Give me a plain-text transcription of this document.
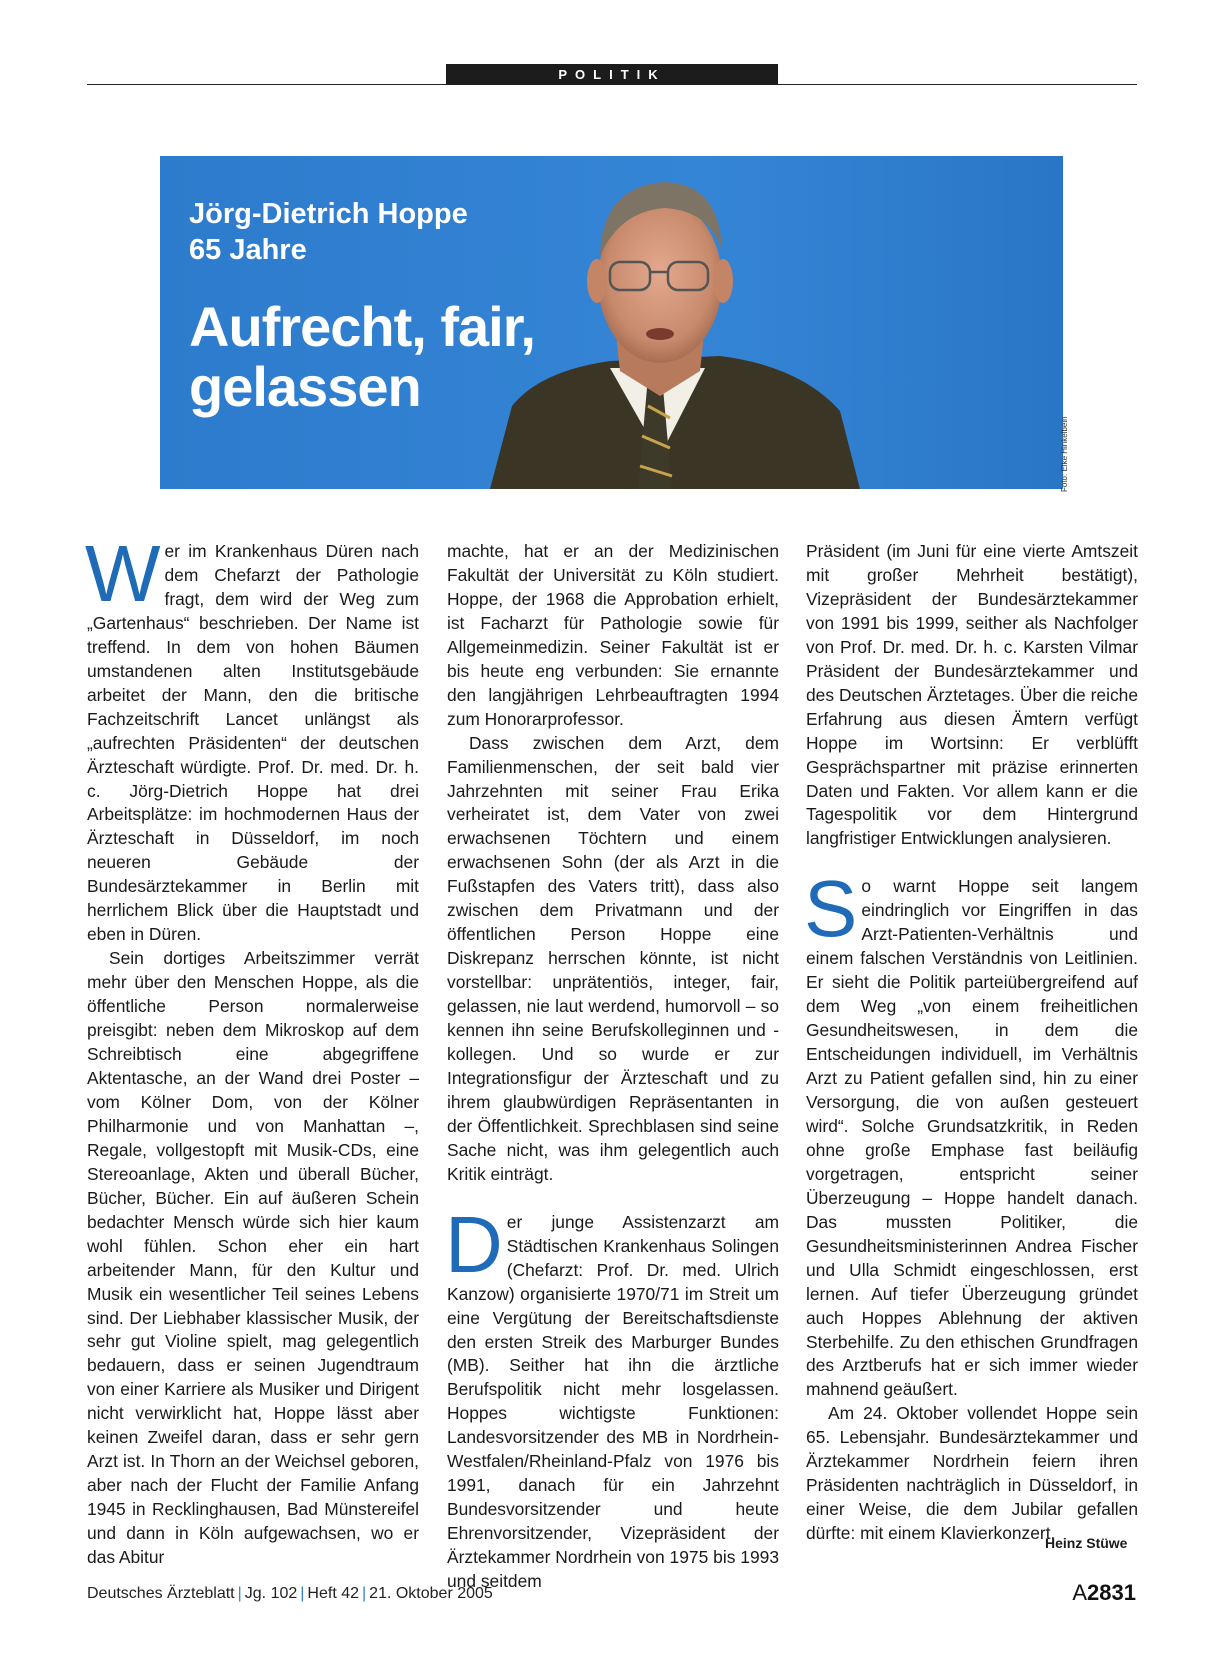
POLITIK
Jörg-Dietrich Hoppe
65 Jahre
Aufrecht, fair,
gelassen
Foto: Elke Hinkelbein

Wer im Krankenhaus Düren nach dem Chefarzt der Pathologie fragt, dem wird der Weg zum „Gartenhaus“ beschrieben. Der Name ist treffend. In dem von hohen Bäumen umstandenen alten Institutsgebäude arbeitet der Mann, den die britische Fachzeitschrift Lancet unlängst als „aufrechten Präsidenten“ der deutschen Ärzteschaft würdigte. Prof. Dr. med. Dr. h. c. Jörg-Dietrich Hoppe hat drei Arbeitsplätze: im hochmodernen Haus der Ärzteschaft in Düsseldorf, im noch neueren Gebäude der Bundesärztekammer in Berlin mit herrlichem Blick über die Hauptstadt und eben in Düren.

Sein dortiges Arbeitszimmer verrät mehr über den Menschen Hoppe, als die öffentliche Person normalerweise preisgibt: neben dem Mikroskop auf dem Schreibtisch eine abgegriffene Aktentasche, an der Wand drei Poster – vom Kölner Dom, von der Kölner Philharmonie und von Manhattan –, Regale, vollgestopft mit Musik-CDs, eine Stereoanlage, Akten und überall Bücher, Bücher, Bücher. Ein auf äußeren Schein bedachter Mensch würde sich hier kaum wohl fühlen. Schon eher ein hart arbeitender Mann, für den Kultur und Musik ein wesentlicher Teil seines Lebens sind. Der Liebhaber klassischer Musik, der sehr gut Violine spielt, mag gelegentlich bedauern, dass er seinen Jugendtraum von einer Karriere als Musiker und Dirigent nicht verwirklicht hat, Hoppe lässt aber keinen Zweifel daran, dass er sehr gern Arzt ist. In Thorn an der Weichsel geboren, aber nach der Flucht der Familie Anfang 1945 in Recklinghausen, Bad Münstereifel und dann in Köln aufgewachsen, wo er das Abitur

machte, hat er an der Medizinischen Fakultät der Universität zu Köln studiert. Hoppe, der 1968 die Approbation erhielt, ist Facharzt für Pathologie sowie für Allgemeinmedizin. Seiner Fakultät ist er bis heute eng verbunden: Sie ernannte den langjährigen Lehrbeauftragten 1994 zum Honorarprofessor.

Dass zwischen dem Arzt, dem Familienmenschen, der seit bald vier Jahrzehnten mit seiner Frau Erika verheiratet ist, dem Vater von zwei erwachsenen Töchtern und einem erwachsenen Sohn (der als Arzt in die Fußstapfen des Vaters tritt), dass also zwischen dem Privatmann und der öffentlichen Person Hoppe eine Diskrepanz herrschen könnte, ist nicht vorstellbar: unprätentiös, integer, fair, gelassen, nie laut werdend, humorvoll – so kennen ihn seine Berufskolleginnen und -kollegen. Und so wurde er zur Integrationsfigur der Ärzteschaft und zu ihrem glaubwürdigen Repräsentanten in der Öffentlichkeit. Sprechblasen sind seine Sache nicht, was ihm gelegentlich auch Kritik einträgt.

Der junge Assistenzarzt am Städtischen Krankenhaus Solingen (Chefarzt: Prof. Dr. med. Ulrich Kanzow) organisierte 1970/71 im Streit um eine Vergütung der Bereitschaftsdienste den ersten Streik des Marburger Bundes (MB). Seither hat ihn die ärztliche Berufspolitik nicht mehr losgelassen. Hoppes wichtigste Funktionen: Landesvorsitzender des MB in Nordrhein-Westfalen/Rheinland-Pfalz von 1976 bis 1991, danach für ein Jahrzehnt Bundesvorsitzender und heute Ehrenvorsitzender, Vizepräsident der Ärztekammer Nordrhein von 1975 bis 1993 und seitdem

Präsident (im Juni für eine vierte Amtszeit mit großer Mehrheit bestätigt), Vizepräsident der Bundesärztekammer von 1991 bis 1999, seither als Nachfolger von Prof. Dr. med. Dr. h. c. Karsten Vilmar Präsident der Bundesärztekammer und des Deutschen Ärztetages. Über die reiche Erfahrung aus diesen Ämtern verfügt Hoppe im Wortsinn: Er verblüfft Gesprächspartner mit präzise erinnerten Daten und Fakten. Vor allem kann er die Tagespolitik vor dem Hintergrund langfristiger Entwicklungen analysieren.

So warnt Hoppe seit langem eindringlich vor Eingriffen in das Arzt-Patienten-Verhältnis und einem falschen Verständnis von Leitlinien. Er sieht die Politik parteiübergreifend auf dem Weg „von einem freiheitlichen Gesundheitswesen, in dem die Entscheidungen individuell, im Verhältnis Arzt zu Patient gefallen sind, hin zu einer Versorgung, die von außen gesteuert wird“. Solche Grundsatzkritik, in Reden ohne große Emphase fast beiläufig vorgetragen, entspricht seiner Überzeugung – Hoppe handelt danach. Das mussten Politiker, die Gesundheitsministerinnen Andrea Fischer und Ulla Schmidt eingeschlossen, erst lernen. Auf tiefer Überzeugung gründet auch Hoppes Ablehnung der aktiven Sterbehilfe. Zu den ethischen Grundfragen des Arztberufs hat er sich immer wieder mahnend geäußert.

Am 24. Oktober vollendet Hoppe sein 65. Lebensjahr. Bundesärztekammer und Ärztekammer Nordrhein feiern ihren Präsidenten nachträglich in Düsseldorf, in einer Weise, die dem Jubilar gefallen dürfte: mit einem Klavierkonzert.

Heinz Stüwe
Deutsches Ärzteblatt | Jg. 102 | Heft 42 | 21. Oktober 2005	A2831
